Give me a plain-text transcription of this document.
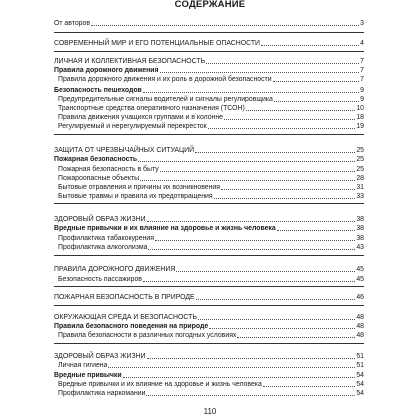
СОДЕРЖАНИЕ
От авторов	3
СОВРЕМЕННЫЙ МИР И ЕГО ПОТЕНЦИАЛЬНЫЕ ОПАСНОСТИ	4
ЛИЧНАЯ И КОЛЛЕКТИВНАЯ БЕЗОПАСНОСТЬ	7
Правила дорожного движения	7
Правила дорожного движения и их роль в дорожной безопасности	7
Безопасность пешеходов	9
Предупредительные сигналы водителей и сигналы регулировщика	9
Транспортные средства оперативного назначения (ТСОН)	10
Правила движения учащихся группами и в колонне	18
Регулируемый и нерегулируемый перекресток	19
ЗАЩИТА ОТ ЧРЕЗВЫЧАЙНЫХ СИТУАЦИЙ	25
Пожарная безопасность	25
Пожарная безопасность в быту	25
Пожароопасные объекты	28
Бытовые отравления и причины их возникновения	31
Бытовые травмы и правила их предотвращения	33
ЗДОРОВЫЙ ОБРАЗ ЖИЗНИ	38
Вредные привычки и их влияние на здоровье и жизнь человека	38
Профилактика табакокурения	38
Профилактика алкоголизма	43
ПРАВИЛА ДОРОЖНОГО ДВИЖЕНИЯ	45
Безопасность пассажиров	45
ПОЖАРНАЯ БЕЗОПАСНОСТЬ В ПРИРОДЕ	46
ОКРУЖАЮЩАЯ СРЕДА И БЕЗОПАСНОСТЬ	48
Правила безопасного поведения на природе	48
Правила безопасности в различных погодных условиях	48
ЗДОРОВЫЙ ОБРАЗ ЖИЗНИ	51
Личная гигиена	51
Вредные привычки	54
Вредные привычки и их влияние на здоровье и жизнь человека	54
Профилактика наркомании	54
110
